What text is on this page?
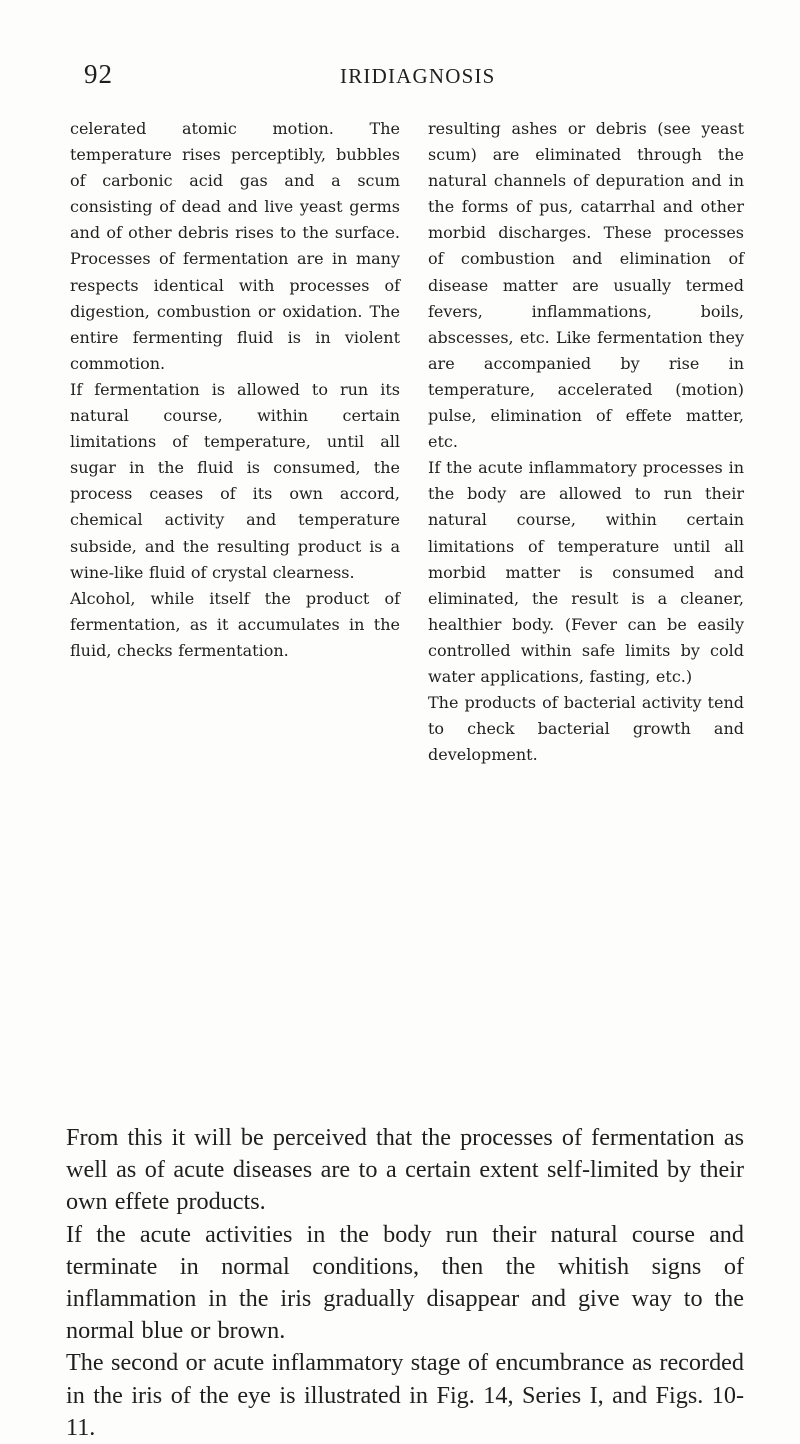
92	IRIDIAGNOSIS

celerated atomic motion. The temperature rises perceptibly, bubbles of carbonic acid gas and a scum consisting of dead and live yeast germs and of other debris rises to the surface. Processes of fermentation are in many respects identical with processes of digestion, combustion or oxidation. The entire fermenting fluid is in violent commotion.

If fermentation is allowed to run its natural course, within certain limitations of temperature, until all sugar in the fluid is consumed, the process ceases of its own accord, chemical activity and temperature subside, and the resulting product is a wine-like fluid of crystal clearness.

Alcohol, while itself the product of fermentation, as it accumulates in the fluid, checks fermentation.

resulting ashes or debris (see yeast scum) are eliminated through the natural channels of depuration and in the forms of pus, catarrhal and other morbid discharges. These processes of combustion and elimination of disease matter are usually termed fevers, inflammations, boils, abscesses, etc. Like fermentation they are accompanied by rise in temperature, accelerated (motion) pulse, elimination of effete matter, etc.

If the acute inflammatory processes in the body are allowed to run their natural course, within certain limitations of temperature until all morbid matter is consumed and eliminated, the result is a cleaner, healthier body. (Fever can be easily controlled within safe limits by cold water applications, fasting, etc.)

The products of bacterial activity tend to check bacterial growth and development.

From this it will be perceived that the processes of fermentation as well as of acute diseases are to a certain extent self-limited by their own effete products.

If the acute activities in the body run their natural course and terminate in normal conditions, then the whitish signs of inflammation in the iris gradually disappear and give way to the normal blue or brown.

The second or acute inflammatory stage of encumbrance as recorded in the iris of the eye is illustrated in Fig. 14, Series I, and Figs. 10-11.
